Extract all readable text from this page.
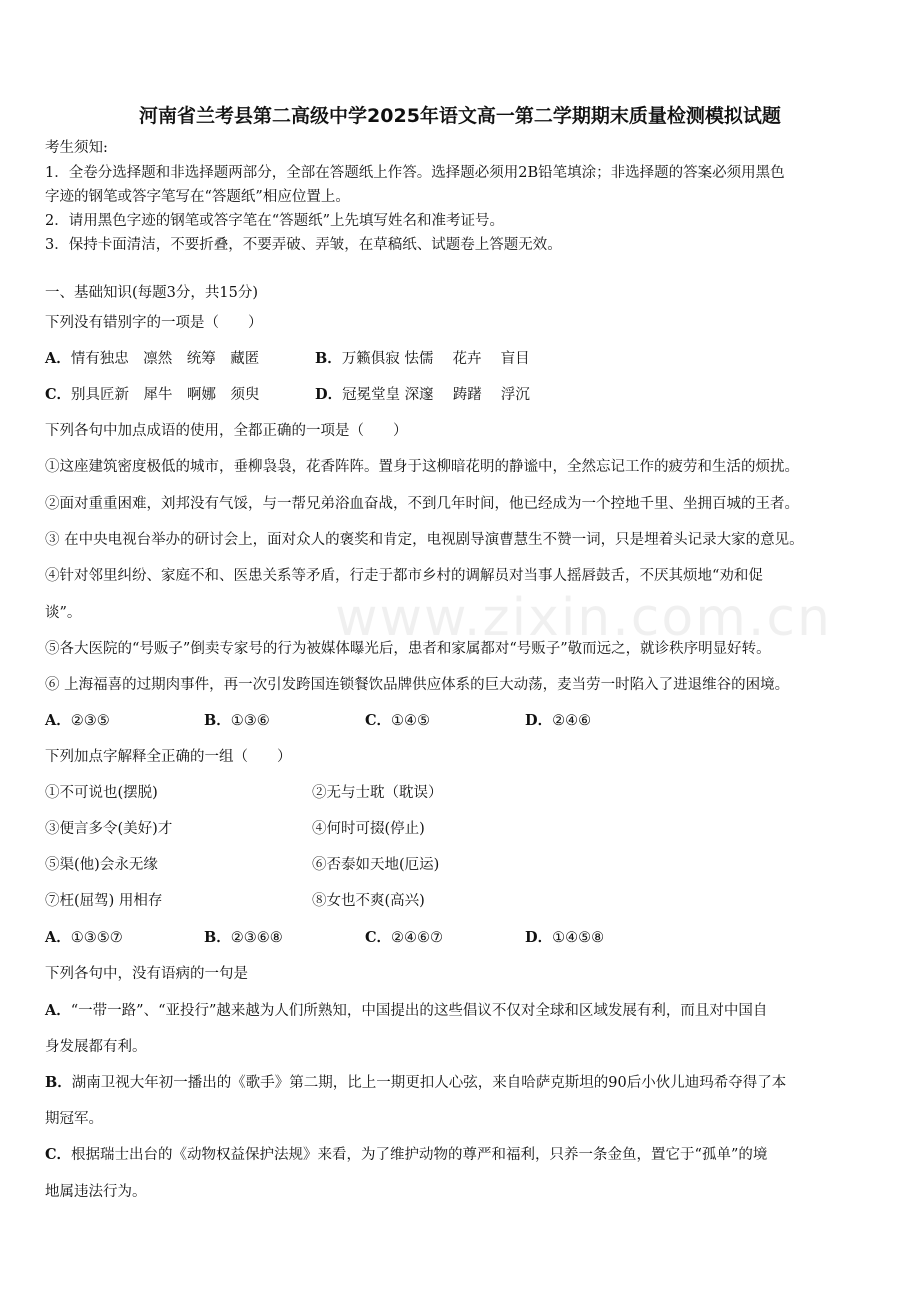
www.zixin.com.cn
河南省兰考县第二高级中学2025年语文高一第二学期期末质量检测模拟试题
考生须知:
1．全卷分选择题和非选择题两部分，全部在答题纸上作答。选择题必须用2B铅笔填涂；非选择题的答案必须用黑色
字迹的钢笔或答字笔写在“答题纸”相应位置上。
2．请用黑色字迹的钢笔或答字笔在“答题纸”上先填写姓名和准考证号。
3．保持卡面清洁，不要折叠，不要弄破、弄皱，在草稿纸、试题卷上答题无效。
一、基础知识(每题3分，共15分)
下列没有错别字的一项是（　　）
A．情有独忠　凛然　统筹　藏匿	B．万籁俱寂 怯儒　 花卉　 盲目
C．别具匠新　犀牛　啊娜　须臾	D．冠冕堂皇 深邃　 踌躇　 浮沉
下列各句中加点成语的使用，全都正确的一项是（　　）
①这座建筑密度极低的城市，垂柳袅袅，花香阵阵。置身于这柳暗花明的静谧中，全然忘记工作的疲劳和生活的烦扰。
②面对重重困难，刘邦没有气馁，与一帮兄弟浴血奋战，不到几年时间，他已经成为一个控地千里、坐拥百城的王者。
③ 在中央电视台举办的研讨会上，面对众人的褒奖和肯定，电视剧导演曹慧生不赞一词，只是埋着头记录大家的意见。
④针对邻里纠纷、家庭不和、医患关系等矛盾，行走于都市乡村的调解员对当事人摇唇鼓舌，不厌其烦地“劝和促
谈”。
⑤各大医院的“号贩子”倒卖专家号的行为被媒体曝光后，患者和家属都对“号贩子”敬而远之，就诊秩序明显好转。
⑥ 上海福喜的过期肉事件，再一次引发跨国连锁餐饮品牌供应体系的巨大动荡，麦当劳一时陷入了进退维谷的困境。
A．②③⑤	B．①③⑥	C．①④⑤	D．②④⑥
下列加点字解释全正确的一组（　　）
①不可说也(摆脱)	②无与士耽（耽误）
③便言多令(美好)才	④何时可掇(停止)
⑤渠(他)会永无缘	⑥否泰如天地(厄运)
⑦枉(屈驾) 用相存	⑧女也不爽(高兴)
A．①③⑤⑦	B．②③⑥⑧	C．②④⑥⑦	D．①④⑤⑧
下列各句中，没有语病的一句是
A．“一带一路”、“亚投行”越来越为人们所熟知，中国提出的这些倡议不仅对全球和区域发展有利，而且对中国自
身发展都有利。
B．湖南卫视大年初一播出的《歌手》第二期，比上一期更扣人心弦，来自哈萨克斯坦的90后小伙儿迪玛希夺得了本
期冠军。
C．根据瑞士出台的《动物权益保护法规》来看，为了维护动物的尊严和福利，只养一条金鱼，置它于“孤单”的境
地属违法行为。
